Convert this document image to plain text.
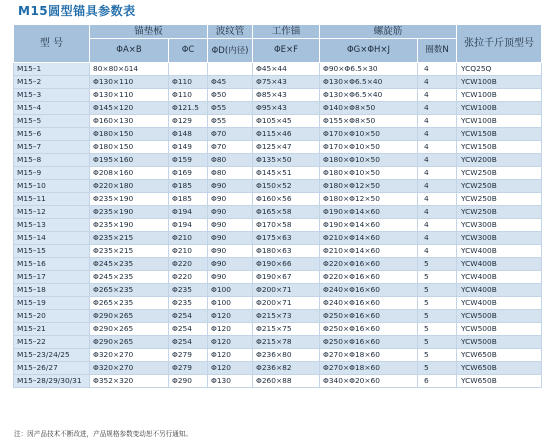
M15圆型锚具参数表
型 号	锚垫板		波纹管	工作锚	螺旋筋		张拉千斤顶型号
	ΦA×B	ΦC	ΦD(内径)	ΦE×F	ΦG×ΦH×J	圈数N	
M15–1	80×80×δ14			Φ45×44	Φ90×Φ6.5×30	4	YCQ25Q
M15–2	Φ130×110	Φ110	Φ45	Φ75×43	Φ130×Φ6.5×40	4	YCW100B
M15–3	Φ130×110	Φ110	Φ50	Φ85×43	Φ130×Φ6.5×40	4	YCW100B
M15–4	Φ145×120	Φ121.5	Φ55	Φ95×43	Φ140×Φ8×50	4	YCW100B
M15–5	Φ160×130	Φ129	Φ55	Φ105×45	Φ155×Φ8×50	4	YCW100B
M15–6	Φ180×150	Φ148	Φ70	Φ115×46	Φ170×Φ10×50	4	YCW150B
M15–7	Φ180×150	Φ149	Φ70	Φ125×47	Φ170×Φ10×50	4	YCW150B
M15–8	Φ195×160	Φ159	Φ80	Φ135×50	Φ180×Φ10×50	4	YCW200B
M15–9	Φ208×160	Φ169	Φ80	Φ145×51	Φ180×Φ10×50	4	YCW250B
M15–10	Φ220×180	Φ185	Φ90	Φ150×52	Φ180×Φ12×50	4	YCW250B
M15–11	Φ235×190	Φ185	Φ90	Φ160×56	Φ180×Φ12×50	4	YCW250B
M15–12	Φ235×190	Φ194	Φ90	Φ165×58	Φ190×Φ14×60	4	YCW250B
M15–13	Φ235×190	Φ194	Φ90	Φ170×58	Φ190×Φ14×60	4	YCW300B
M15–14	Φ235×215	Φ210	Φ90	Φ175×63	Φ210×Φ14×60	4	YCW300B
M15–15	Φ235×215	Φ210	Φ90	Φ180×63	Φ210×Φ14×60	4	YCW400B
M15–16	Φ245×235	Φ220	Φ90	Φ190×66	Φ220×Φ16×60	5	YCW400B
M15–17	Φ245×235	Φ220	Φ90	Φ190×67	Φ220×Φ16×60	5	YCW400B
M15–18	Φ265×235	Φ235	Φ100	Φ200×71	Φ240×Φ16×60	5	YCW400B
M15–19	Φ265×235	Φ235	Φ100	Φ200×71	Φ240×Φ16×60	5	YCW400B
M15–20	Φ290×265	Φ254	Φ120	Φ215×73	Φ250×Φ16×60	5	YCW500B
M15–21	Φ290×265	Φ254	Φ120	Φ215×75	Φ250×Φ16×60	5	YCW500B
M15–22	Φ290×265	Φ254	Φ120	Φ215×78	Φ250×Φ16×60	5	YCW500B
M15–23/24/25	Φ320×270	Φ279	Φ120	Φ236×80	Φ270×Φ18×60	5	YCW650B
M15–26/27	Φ320×270	Φ279	Φ120	Φ236×82	Φ270×Φ18×60	5	YCW650B
M15–28/29/30/31	Φ352×320	Φ290	Φ130	Φ260×88	Φ340×Φ20×60	6	YCW650B
注：因产品技术不断改进，产品规格参数变动恕不另行通知。
